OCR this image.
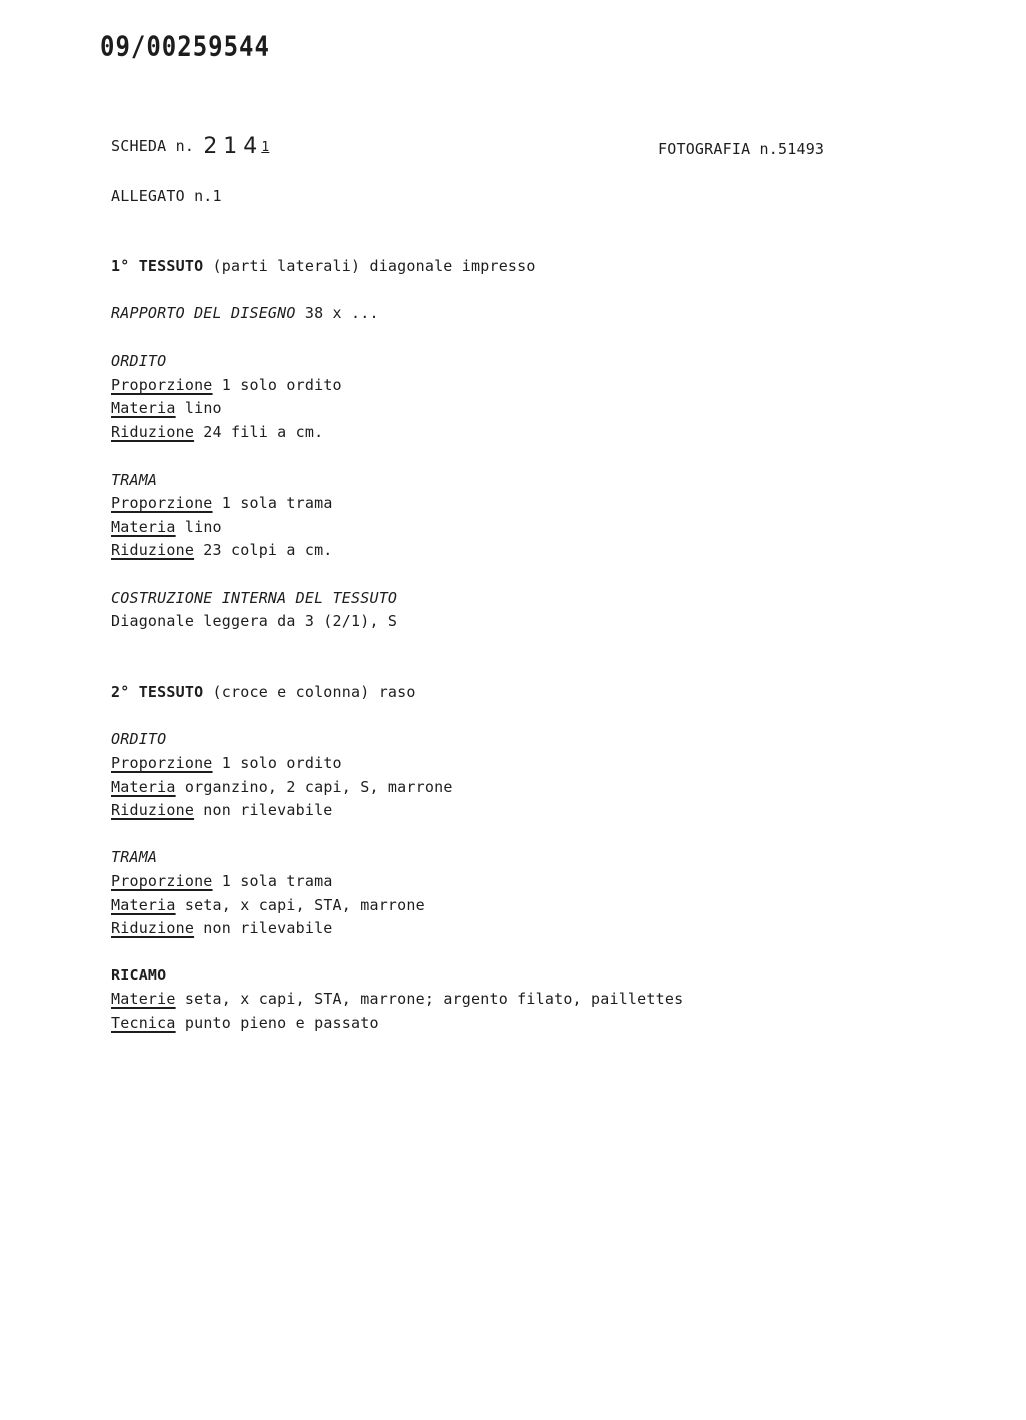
09/00259544
SCHEDA n. 2141	FOTOGRAFIA n.51493
ALLEGATO n.1
1° TESSUTO (parti laterali) diagonale impresso
RAPPORTO DEL DISEGNO 38 x ...
ORDITO
Proporzione 1 solo ordito
Materia lino
Riduzione 24 fili a cm.
TRAMA
Proporzione 1 sola trama
Materia lino
Riduzione 23 colpi a cm.
COSTRUZIONE INTERNA DEL TESSUTO
Diagonale leggera da 3 (2/1), S
2° TESSUTO (croce e colonna) raso
ORDITO
Proporzione 1 solo ordito
Materia organzino, 2 capi, S, marrone
Riduzione non rilevabile
TRAMA
Proporzione 1 sola trama
Materia seta, x capi, STA, marrone
Riduzione non rilevabile
RICAMO
Materie seta, x capi, STA, marrone; argento filato, paillettes
Tecnica punto pieno e passato
